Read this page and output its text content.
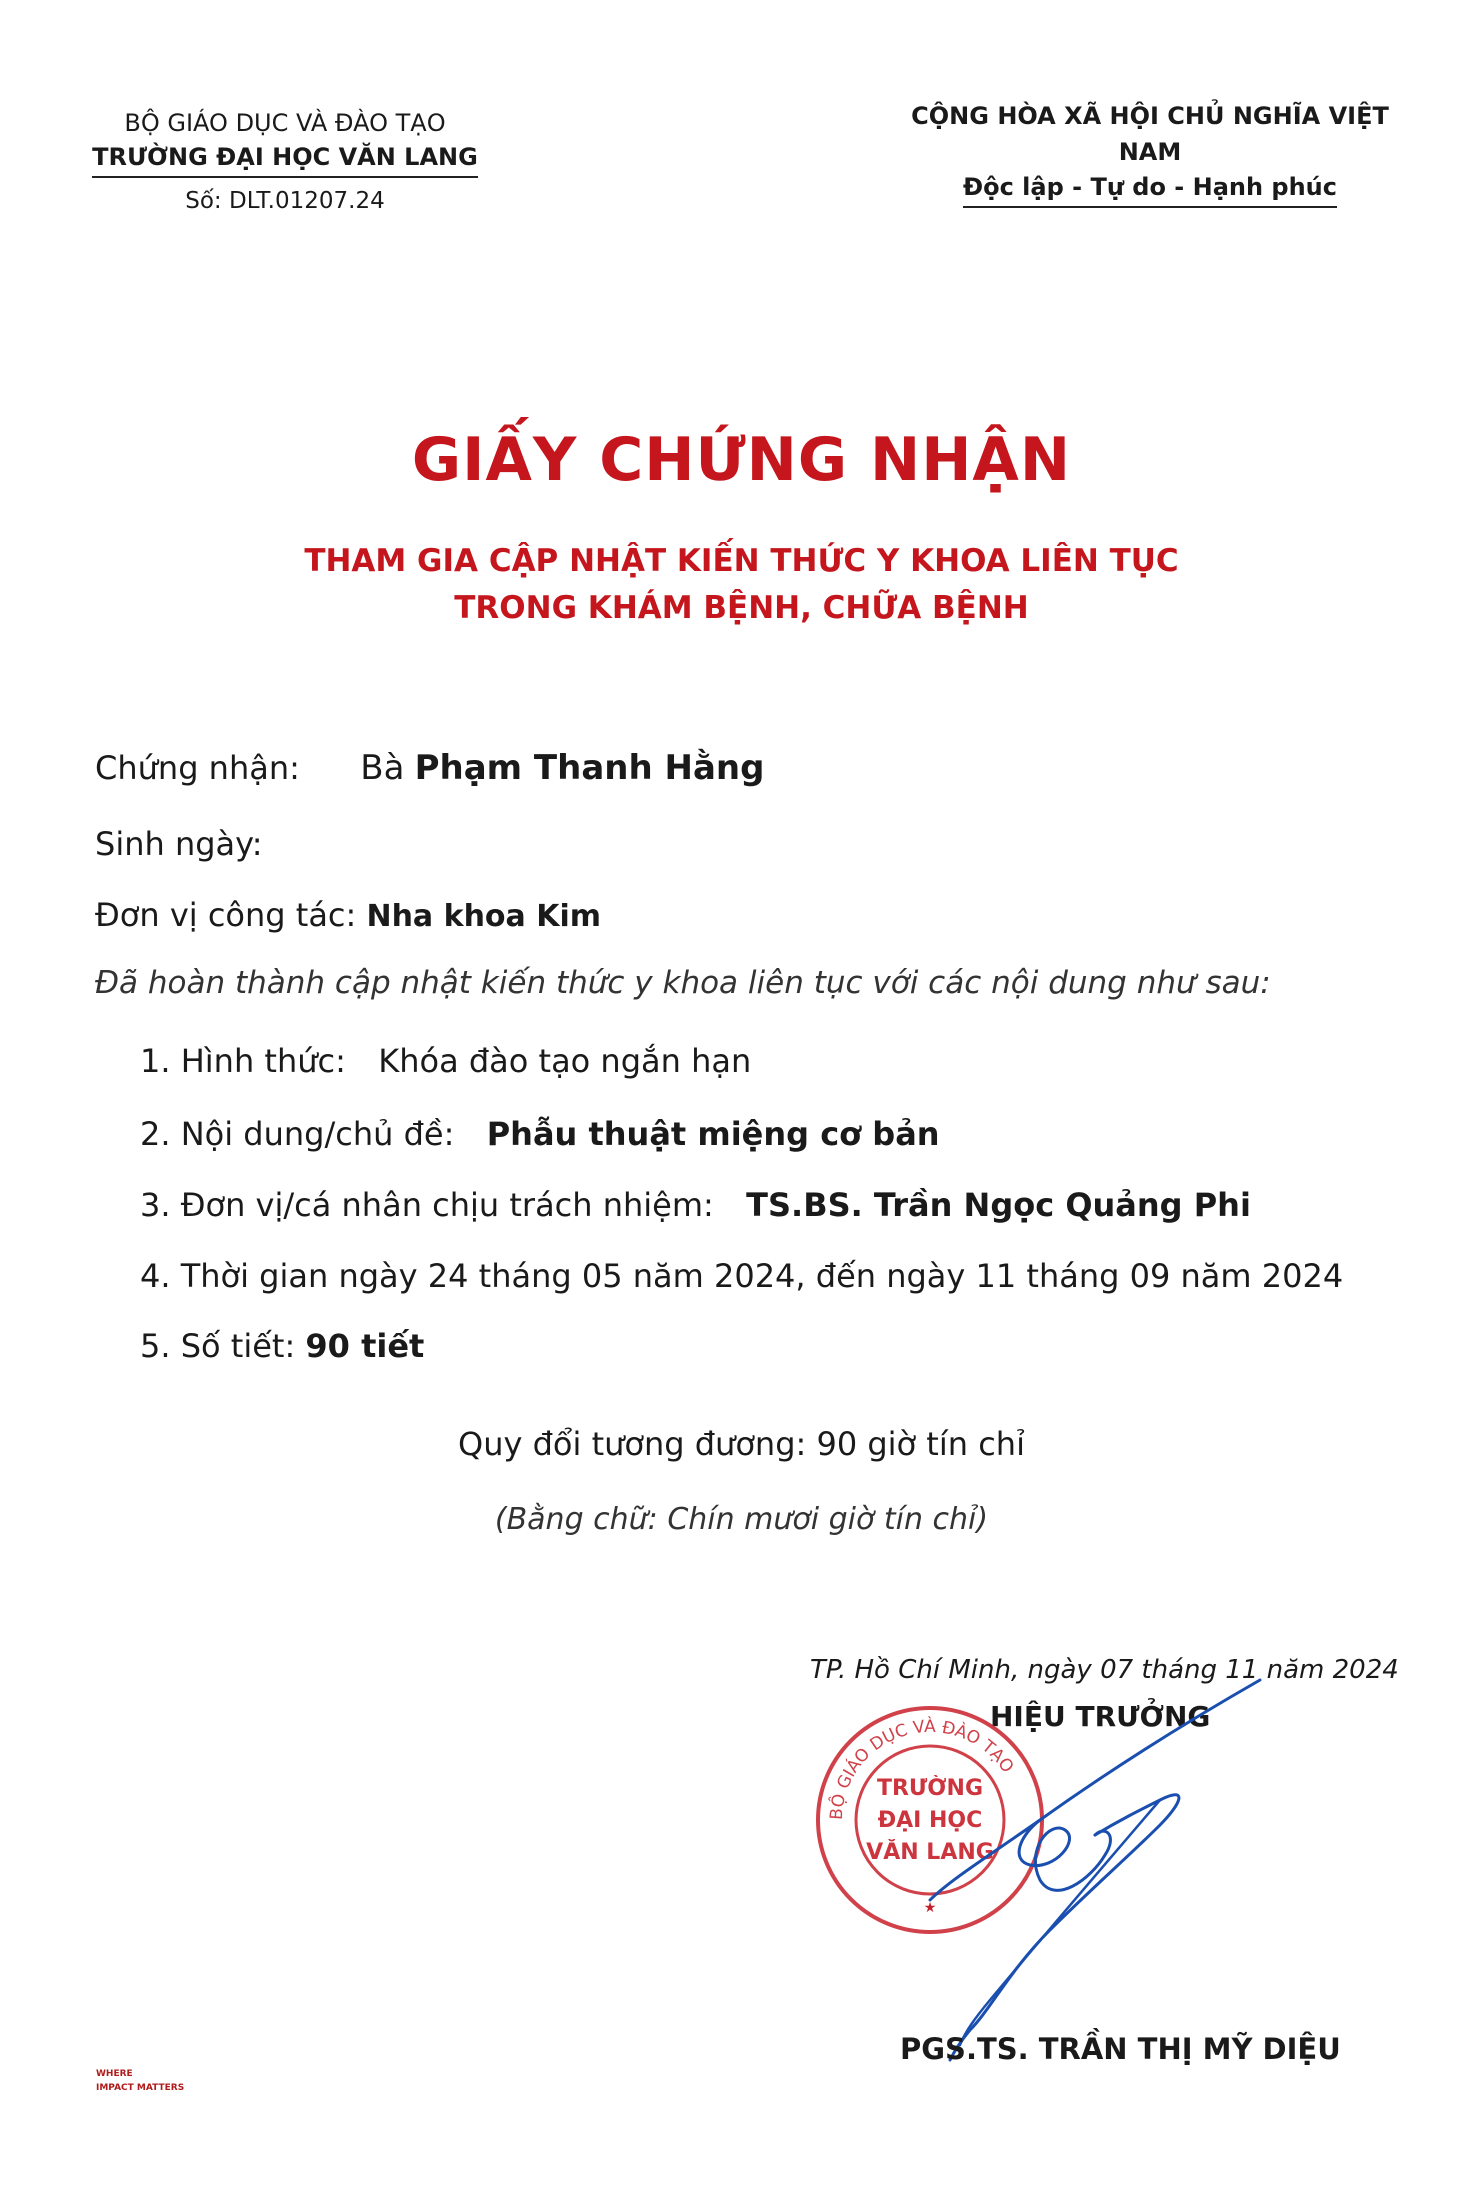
BỘ GIÁO DỤC VÀ ĐÀO TẠO
TRƯỜNG ĐẠI HỌC VĂN LANG
Số: DLT.01207.24
CỘNG HÒA XÃ HỘI CHỦ NGHĨA VIỆT NAM
Độc lập - Tự do - Hạnh phúc
GIẤY CHỨNG NHẬN
THAM GIA CẬP NHẬT KIẾN THỨC Y KHOA LIÊN TỤC
TRONG KHÁM BỆNH, CHỮA BỆNH
Chứng nhận: Bà Phạm Thanh Hằng
Sinh ngày:
Đơn vị công tác: Nha khoa Kim
Đã hoàn thành cập nhật kiến thức y khoa liên tục với các nội dung như sau:
1. Hình thức: Khóa đào tạo ngắn hạn
2. Nội dung/chủ đề: Phẫu thuật miệng cơ bản
3. Đơn vị/cá nhân chịu trách nhiệm: TS.BS. Trần Ngọc Quảng Phi
4. Thời gian ngày 24 tháng 05 năm 2024, đến ngày 11 tháng 09 năm 2024
5. Số tiết: 90 tiết
Quy đổi tương đương: 90 giờ tín chỉ
(Bằng chữ: Chín mươi giờ tín chỉ)
TP. Hồ Chí Minh, ngày 07 tháng 11 năm 2024
HIỆU TRƯỞNG
BỘ GIÁO DỤC VÀ ĐÀO TẠO
TRƯỜNG
ĐẠI HỌC
VĂN LANG
★
PGS.TS. TRẦN THỊ MỸ DIỆU
WHERE
IMPACT MATTERS
